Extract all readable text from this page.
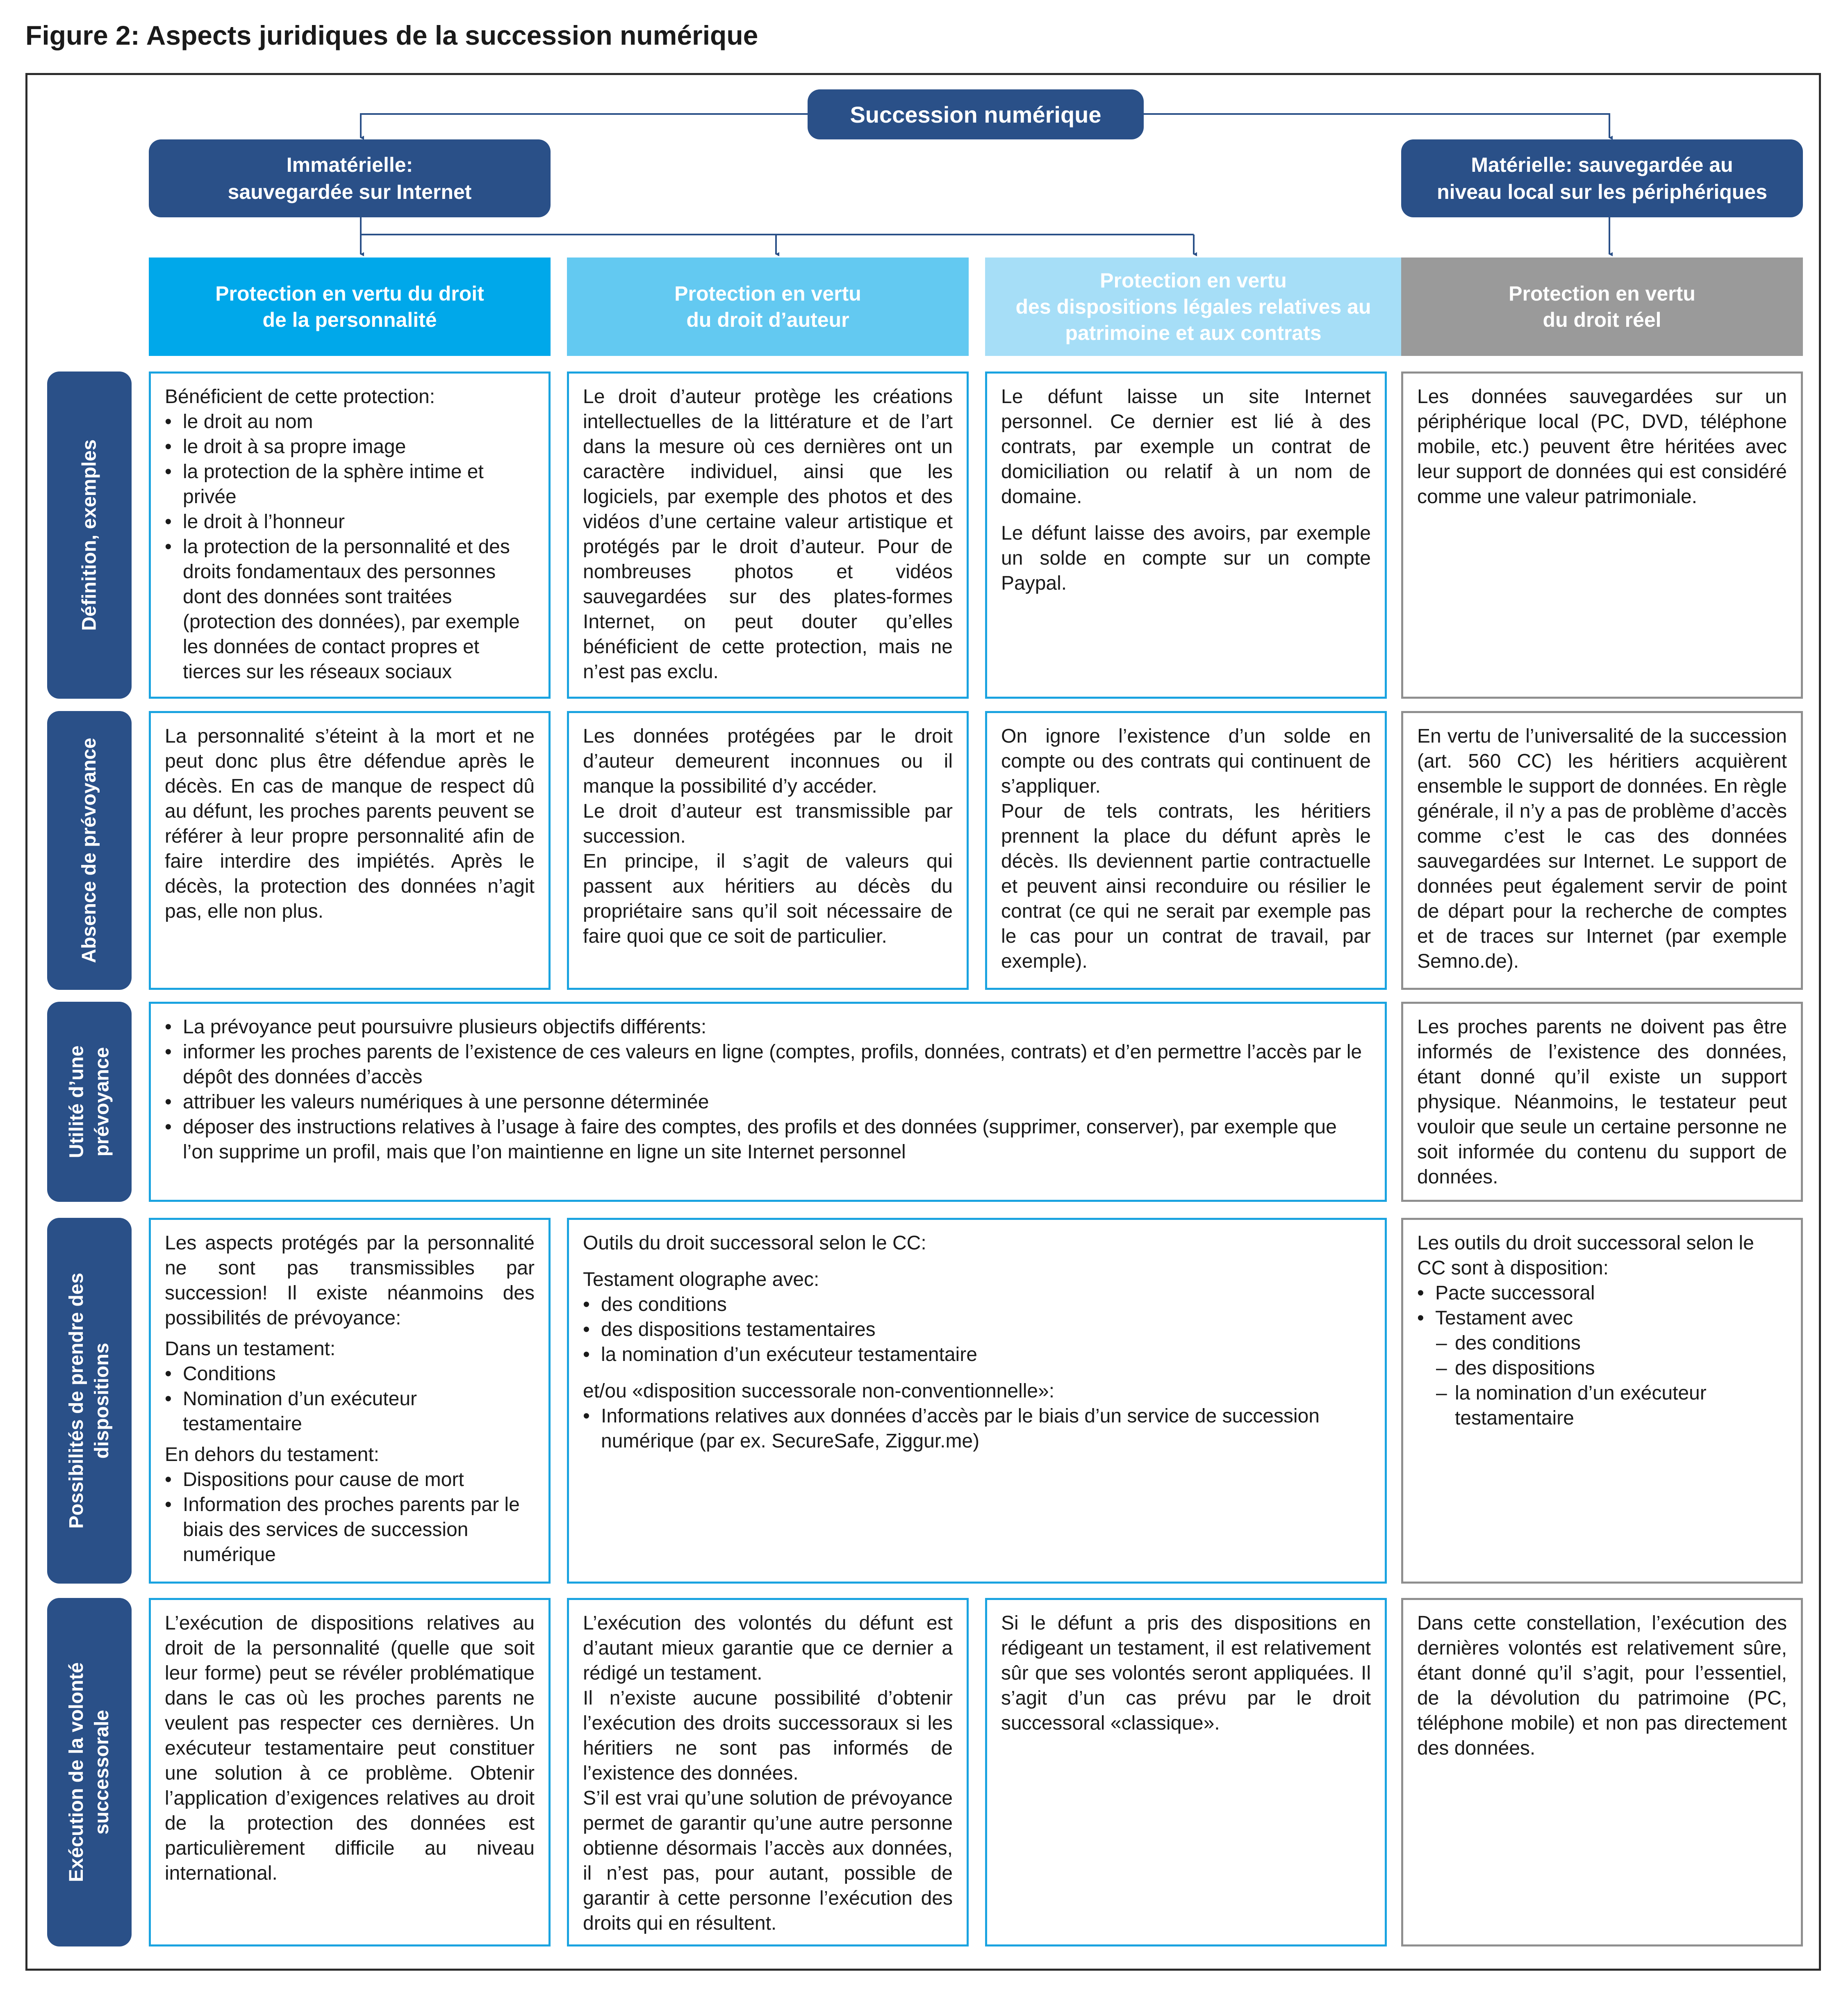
Figure 2: Aspects juridiques de la succession numérique
Succession numérique
Immatérielle:
sauvegardée sur Internet
Matérielle: sauvegardée au
niveau local sur les périphériques
Protection en vertu du droit
de la personnalité
Protection en vertu
du droit d’auteur
Protection en vertu
des dispositions légales relatives au
patrimoine et aux contrats
Protection en vertu
du droit réel
Définition, exemples
Absence de prévoyance
Utilité d’une
prévoyance
Possibilités de prendre des
dispositions
Exécution de la volonté
successorale
Bénéficient de cette protection:
• le droit au nom
• le droit à sa propre image
• la protection de la sphère intime et privée
• le droit à l’honneur
• la protection de la personnalité et des droits fondamentaux des personnes dont des données sont traitées (protection des données), par exemple les données de contact propres et tierces sur les réseaux sociaux
Le droit d’auteur protège les créations intellectuelles de la littérature et de l’art dans la mesure où ces dernières ont un caractère individuel, ainsi que les logiciels, par exemple des photos et des vidéos d’une certaine valeur artistique et protégés par le droit d’auteur. Pour de nombreuses photos et vidéos sauvegardées sur des plates-formes Internet, on peut douter qu’elles bénéficient de cette protection, mais ne n’est pas exclu.
Le défunt laisse un site Internet personnel. Ce dernier est lié à des contrats, par exemple un contrat de domiciliation ou relatif à un nom de domaine.
Le défunt laisse des avoirs, par exemple un solde en compte sur un compte Paypal.
Les données sauvegardées sur un périphérique local (PC, DVD, téléphone mobile, etc.) peuvent être héritées avec leur support de données qui est considéré comme une valeur patrimoniale.
La personnalité s’éteint à la mort et ne peut donc plus être défendue après le décès. En cas de manque de respect dû au défunt, les proches parents peuvent se référer à leur propre personnalité afin de faire interdire des impiétés. Après le décès, la protection des données n’agit pas, elle non plus.
Les données protégées par le droit d’auteur demeurent inconnues ou il manque la possibilité d’y accéder.
Le droit d’auteur est transmissible par succession.
En principe, il s’agit de valeurs qui passent aux héritiers au décès du propriétaire sans qu’il soit nécessaire de faire quoi que ce soit de particulier.
On ignore l’existence d’un solde en compte ou des contrats qui continuent de s’appliquer.
Pour de tels contrats, les héritiers prennent la place du défunt après le décès. Ils deviennent partie contractuelle et peuvent ainsi reconduire ou résilier le contrat (ce qui ne serait par exemple pas le cas pour un contrat de travail, par exemple).
En vertu de l’universalité de la succession (art. 560 CC) les héritiers acquièrent ensemble le support de données. En règle générale, il n’y a pas de problème d’accès comme c’est le cas des données sauvegardées sur Internet. Le support de données peut également servir de point de départ pour la recherche de comptes et de traces sur Internet (par exemple Semno.de).
• La prévoyance peut poursuivre plusieurs objectifs différents:
• informer les proches parents de l’existence de ces valeurs en ligne (comptes, profils, données, contrats) et d’en permettre l’accès par le dépôt des données d’accès
• attribuer les valeurs numériques à une personne déterminée
• déposer des instructions relatives à l’usage à faire des comptes, des profils et des données (supprimer, conserver), par exemple que l’on supprime un profil, mais que l’on maintienne en ligne un site Internet personnel
Les proches parents ne doivent pas être informés de l’existence des données, étant donné qu’il existe un support physique. Néanmoins, le testateur peut vouloir que seule un certaine personne ne soit informée du contenu du support de données.
Les aspects protégés par la personnalité ne sont pas transmissibles par succession! Il existe néanmoins des possibilités de prévoyance:
Dans un testament:
• Conditions
• Nomination d’un exécuteur testamentaire
En dehors du testament:
• Dispositions pour cause de mort
• Information des proches parents par le biais des services de succession numérique
Outils du droit successoral selon le CC:
Testament olographe avec:
• des conditions
• des dispositions testamentaires
• la nomination d’un exécuteur testamentaire
et/ou «disposition successorale non-conventionnelle»:
• Informations relatives aux données d’accès par le biais d’un service de succession numérique (par ex. SecureSafe, Ziggur.me)
Les outils du droit successoral selon le CC sont à disposition:
• Pacte successoral
• Testament avec
– des conditions
– des dispositions
– la nomination d’un exécuteur testamentaire
L’exécution de dispositions relatives au droit de la personnalité (quelle que soit leur forme) peut se révéler problématique dans le cas où les proches parents ne veulent pas respecter ces dernières. Un exécuteur testamentaire peut constituer une solution à ce problème. Obtenir l’application d’exigences relatives au droit de la protection des données est particulièrement difficile au niveau international.
L’exécution des volontés du défunt est d’autant mieux garantie que ce dernier a rédigé un testament.
Il n’existe aucune possibilité d’obtenir l’exécution des droits successoraux si les héritiers ne sont pas informés de l’existence des données.
S’il est vrai qu’une solution de prévoyance permet de garantir qu’une autre personne obtienne désormais l’accès aux données, il n’est pas, pour autant, possible de garantir à cette personne l’exécution des droits qui en résultent.
Si le défunt a pris des dispositions en rédigeant un testament, il est relativement sûr que ses volontés seront appliquées. Il s’agit d’un cas prévu par le droit successoral «classique».
Dans cette constellation, l’exécution des dernières volontés est relativement sûre, étant donné qu’il s’agit, pour l’essentiel, de la dévolution du patrimoine (PC, téléphone mobile) et non pas directement des données.
